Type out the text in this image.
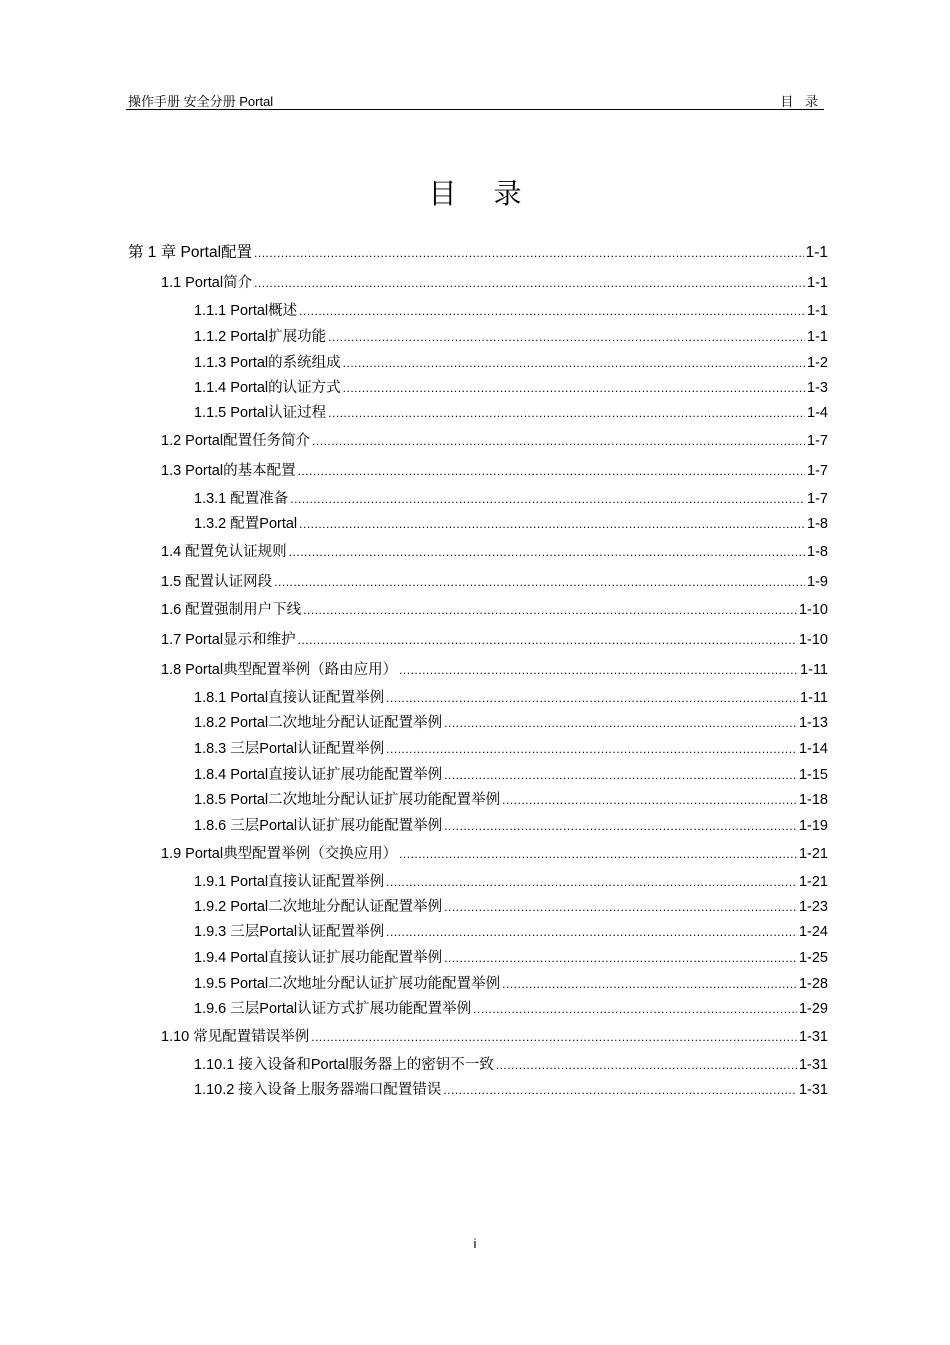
操作手册 安全分册 Portal	目 录
目 录
第 1 章 Portal配置 .....	1-1
1.1 Portal简介 .....	1-1
1.1.1 Portal概述 .....	1-1
1.1.2 Portal扩展功能 .....	1-1
1.1.3 Portal的系统组成 .....	1-2
1.1.4 Portal的认证方式 .....	1-3
1.1.5 Portal认证过程 .....	1-4
1.2 Portal配置任务简介 .....	1-7
1.3 Portal的基本配置 .....	1-7
1.3.1 配置准备 .....	1-7
1.3.2 配置Portal .....	1-8
1.4 配置免认证规则 .....	1-8
1.5 配置认证网段 .....	1-9
1.6 配置强制用户下线 .....	1-10
1.7 Portal显示和维护 .....	1-10
1.8 Portal典型配置举例（路由应用） .....	1-11
1.8.1 Portal直接认证配置举例 .....	1-11
1.8.2 Portal二次地址分配认证配置举例 .....	1-13
1.8.3 三层Portal认证配置举例 .....	1-14
1.8.4 Portal直接认证扩展功能配置举例 .....	1-15
1.8.5 Portal二次地址分配认证扩展功能配置举例 .....	1-18
1.8.6 三层Portal认证扩展功能配置举例 .....	1-19
1.9 Portal典型配置举例（交换应用） .....	1-21
1.9.1 Portal直接认证配置举例 .....	1-21
1.9.2 Portal二次地址分配认证配置举例 .....	1-23
1.9.3 三层Portal认证配置举例 .....	1-24
1.9.4 Portal直接认证扩展功能配置举例 .....	1-25
1.9.5 Portal二次地址分配认证扩展功能配置举例 .....	1-28
1.9.6 三层Portal认证方式扩展功能配置举例 .....	1-29
1.10 常见配置错误举例 .....	1-31
1.10.1 接入设备和Portal服务器上的密钥不一致 .....	1-31
1.10.2 接入设备上服务器端口配置错误 .....	1-31
i
